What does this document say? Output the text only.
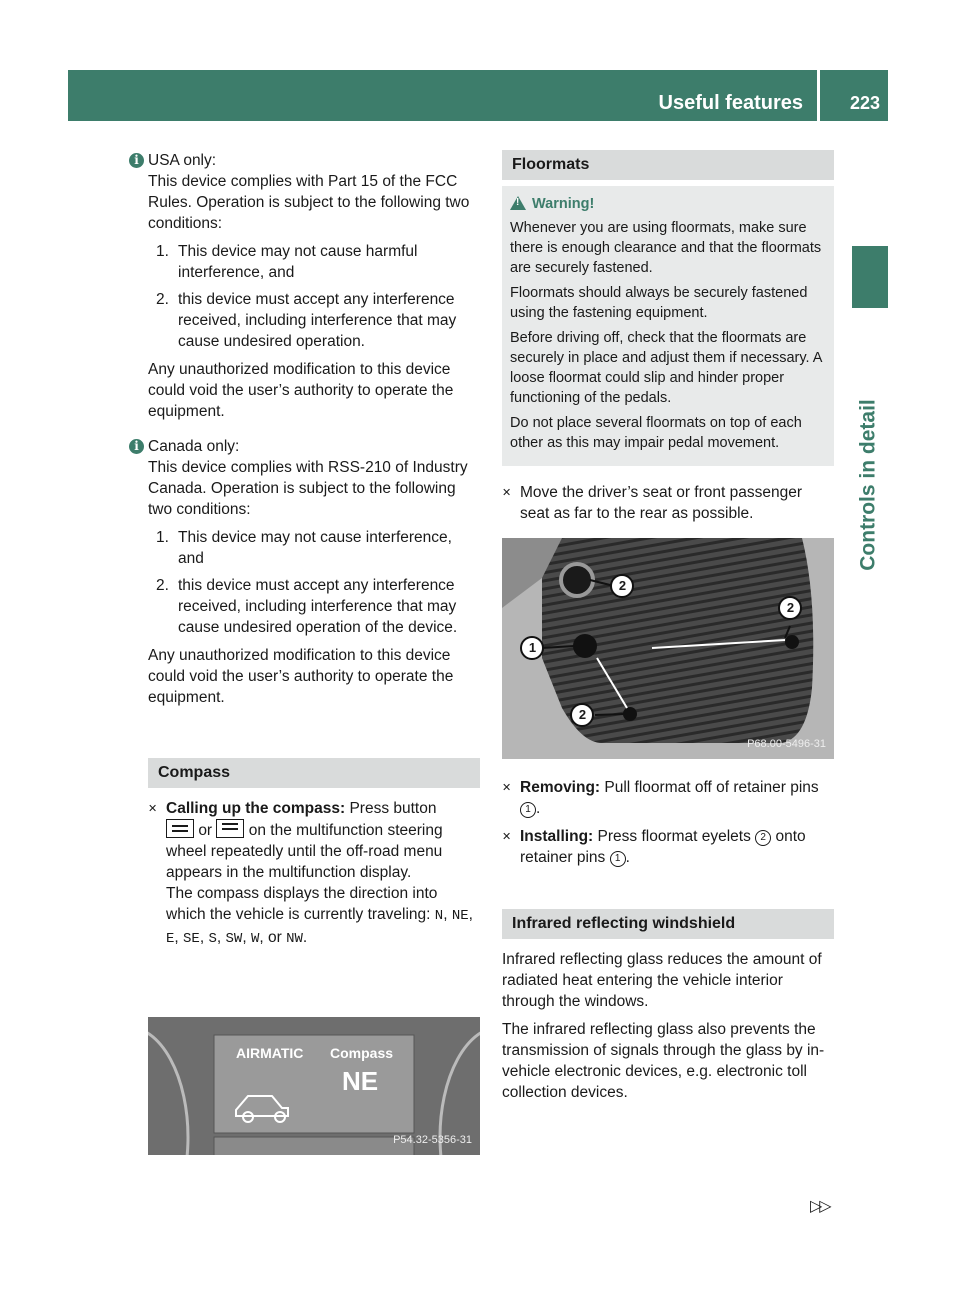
Useful features	223
Controls in detail
i USA only:

This device complies with Part 15 of the FCC Rules. Operation is subject to the following two conditions:

1. This device may not cause harmful interference, and
2. this device must accept any interference received, including interference that may cause undesired operation.

Any unauthorized modification to this device could void the user’s authority to operate the equipment.

i Canada only:

This device complies with RSS-210 of Industry Canada. Operation is subject to the following two conditions:

1. This device may not cause interference, and
2. this device must accept any interference received, including interference that may cause undesired operation of the device.

Any unauthorized modification to this device could void the user’s authority to operate the equipment.

Compass
✕ Calling up the compass: Press button

or on the multifunction steering wheel repeatedly until the off-road menu appears in the multifunction display.
The compass displays the direction into which the vehicle is currently traveling: N, NE, E, SE, S, SW, W, or NW.
AIRMATIC Compass
NE
P54.32-5356-31
Floormats
!Warning!

Whenever you are using floormats, make sure there is enough clearance and that the floormats are securely fastened.

Floormats should always be securely fastened using the fastening equipment.

Before driving off, check that the floormats are securely in place and adjust them if necessary. A loose floormat could slip and hinder proper functioning of the pedals.

Do not place several floormats on top of each other as this may impair pedal movement.

✕ Move the driver’s seat or front passenger seat as far to the rear as possible.
1
2
2
2
P68.00-5496-31
✕ Removing: Pull floormat off of retainer pins 1 .
✕ Installing: Press floormat eyelets 2 onto retainer pins 1 .
Infrared reflecting windshield

Infrared reflecting glass reduces the amount of radiated heat entering the vehicle interior through the windows.

The infrared reflecting glass also prevents the transmission of signals through the glass by in-vehicle electronic devices, e.g. electronic toll collection devices.

▷▷
